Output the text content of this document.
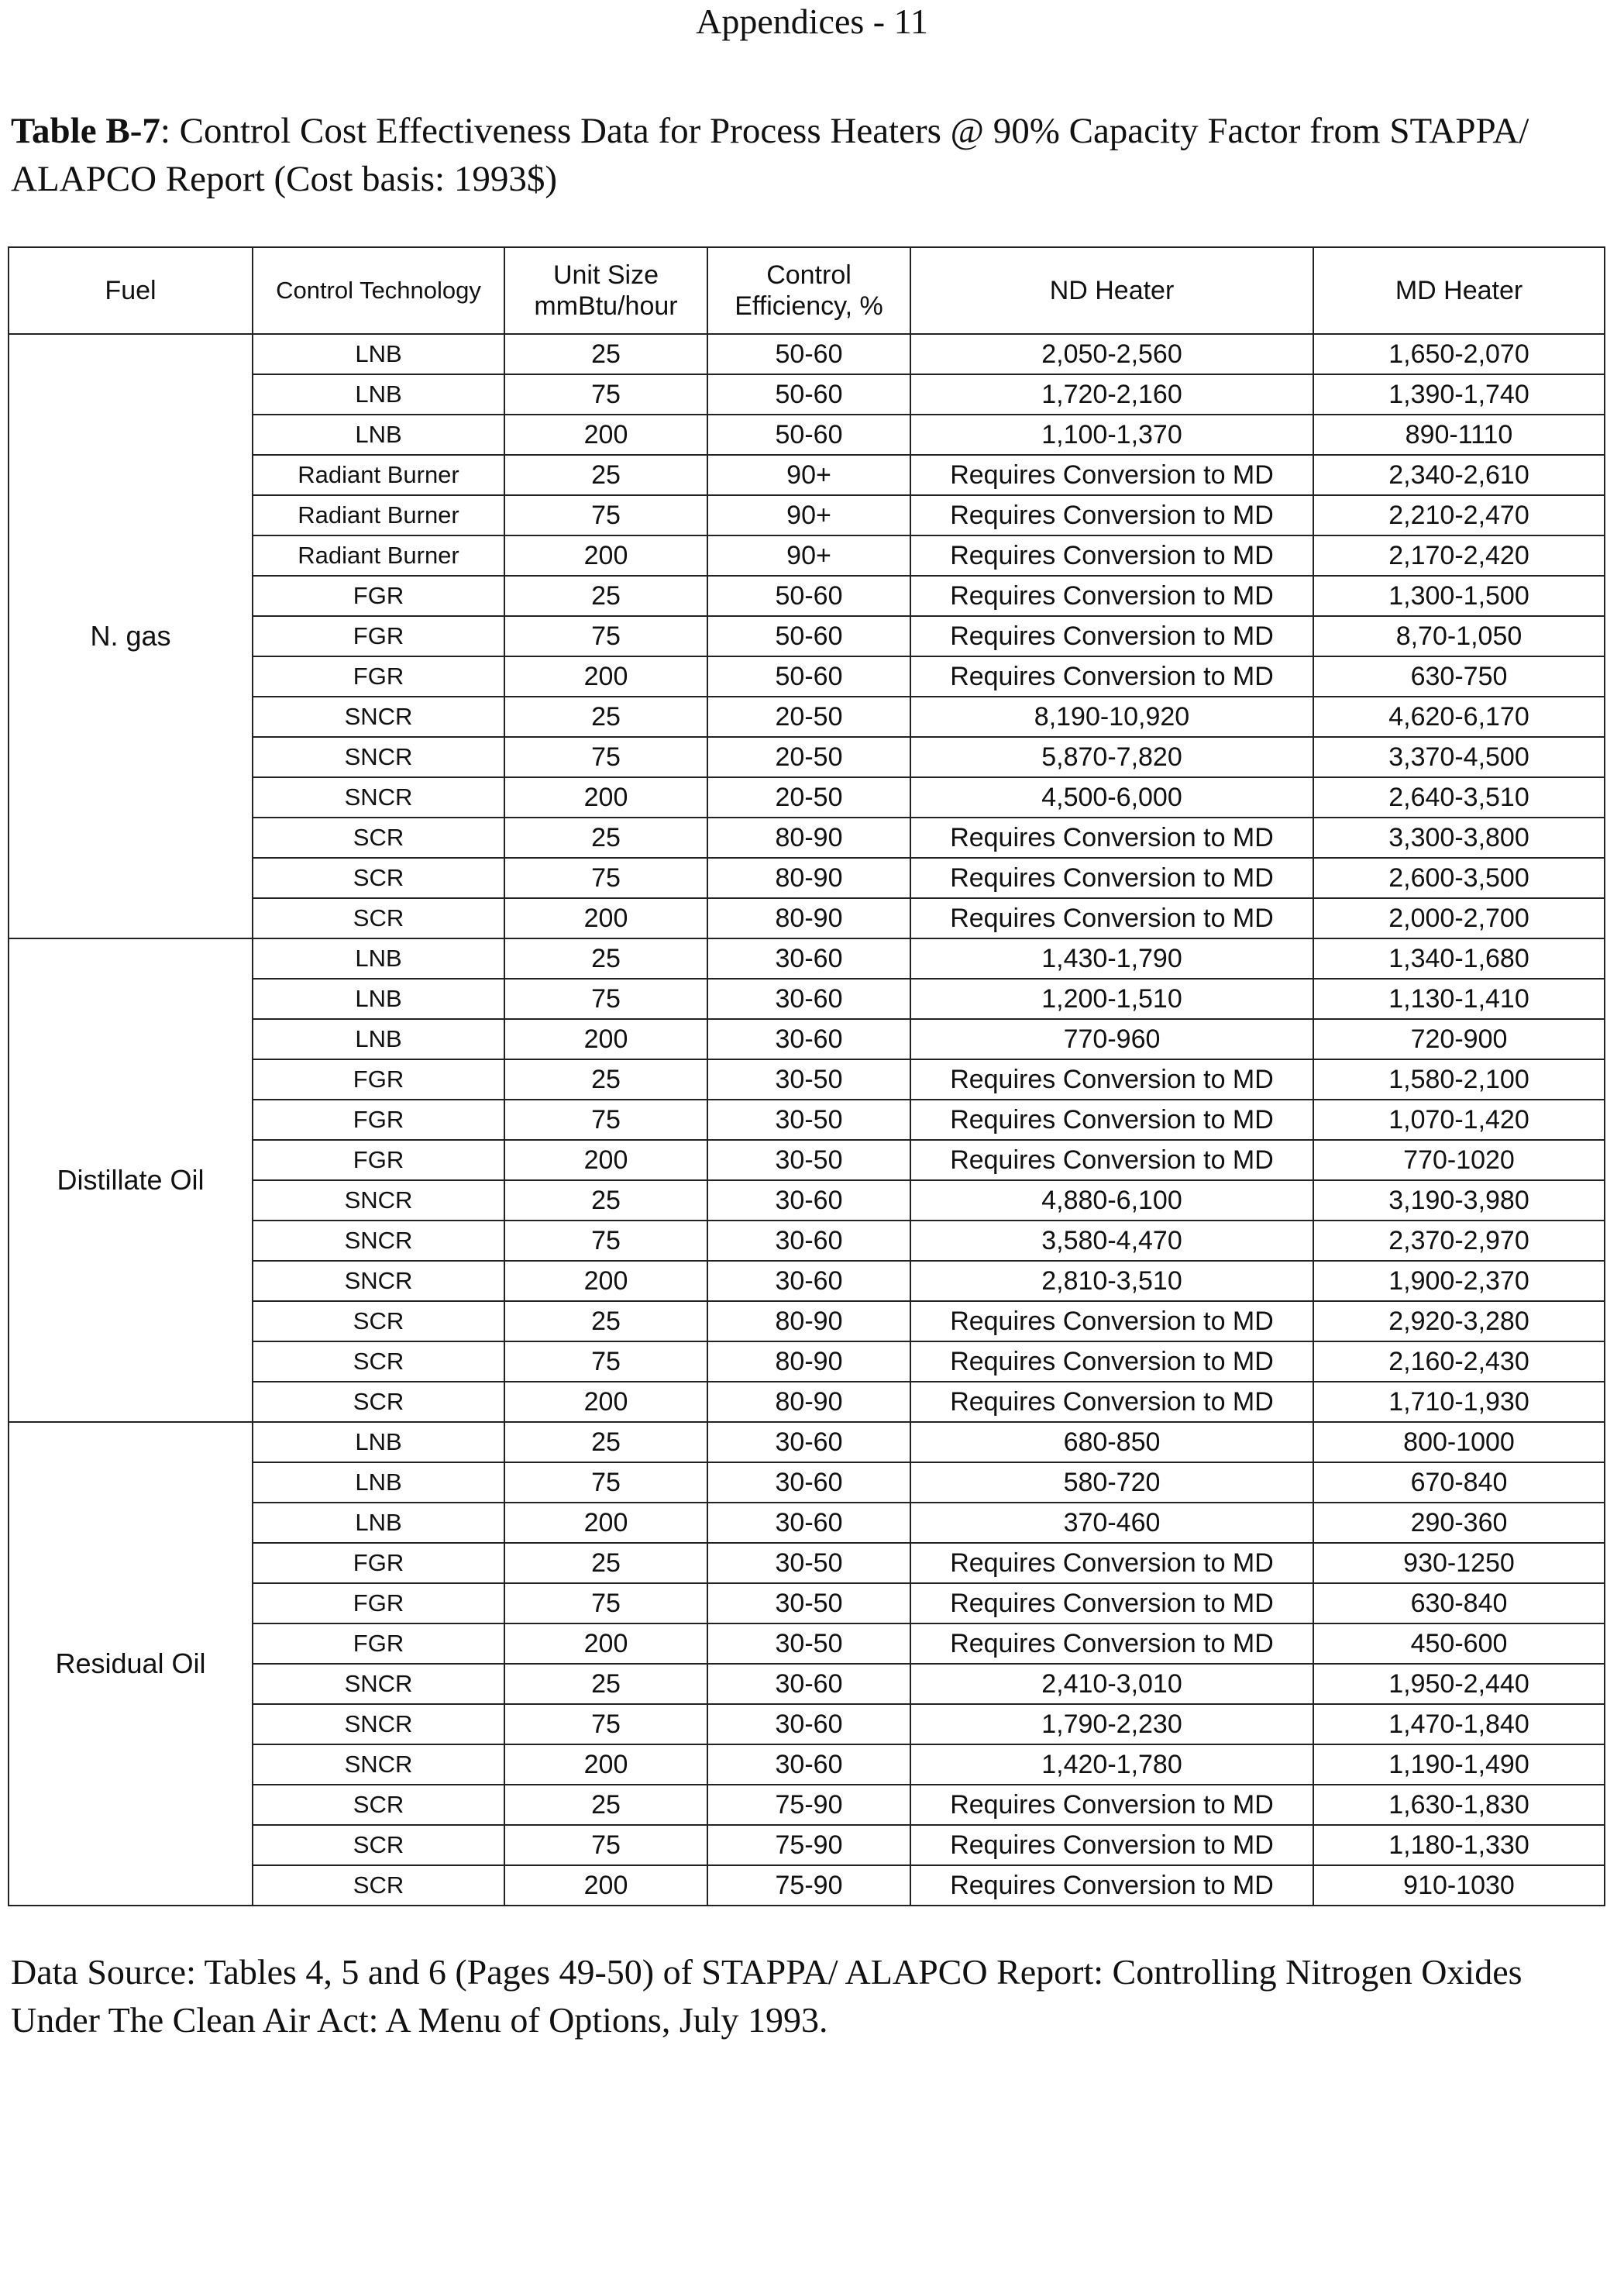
Appendices - 11
Table B-7: Control Cost Effectiveness Data for Process Heaters @ 90% Capacity Factor from STAPPA/ ALAPCO Report (Cost basis: 1993$)
Fuel	Control Technology	Unit Size mmBtu/hour	Control Efficiency, %	ND Heater	MD Heater
N. gas	LNB	25	50-60	2,050-2,560	1,650-2,070
	LNB	75	50-60	1,720-2,160	1,390-1,740
	LNB	200	50-60	1,100-1,370	890-1110
	Radiant Burner	25	90+	Requires Conversion to MD	2,340-2,610
	Radiant Burner	75	90+	Requires Conversion to MD	2,210-2,470
	Radiant Burner	200	90+	Requires Conversion to MD	2,170-2,420
	FGR	25	50-60	Requires Conversion to MD	1,300-1,500
	FGR	75	50-60	Requires Conversion to MD	8,70-1,050
	FGR	200	50-60	Requires Conversion to MD	630-750
	SNCR	25	20-50	8,190-10,920	4,620-6,170
	SNCR	75	20-50	5,870-7,820	3,370-4,500
	SNCR	200	20-50	4,500-6,000	2,640-3,510
	SCR	25	80-90	Requires Conversion to MD	3,300-3,800
	SCR	75	80-90	Requires Conversion to MD	2,600-3,500
	SCR	200	80-90	Requires Conversion to MD	2,000-2,700
Distillate Oil	LNB	25	30-60	1,430-1,790	1,340-1,680
	LNB	75	30-60	1,200-1,510	1,130-1,410
	LNB	200	30-60	770-960	720-900
	FGR	25	30-50	Requires Conversion to MD	1,580-2,100
	FGR	75	30-50	Requires Conversion to MD	1,070-1,420
	FGR	200	30-50	Requires Conversion to MD	770-1020
	SNCR	25	30-60	4,880-6,100	3,190-3,980
	SNCR	75	30-60	3,580-4,470	2,370-2,970
	SNCR	200	30-60	2,810-3,510	1,900-2,370
	SCR	25	80-90	Requires Conversion to MD	2,920-3,280
	SCR	75	80-90	Requires Conversion to MD	2,160-2,430
	SCR	200	80-90	Requires Conversion to MD	1,710-1,930
Residual Oil	LNB	25	30-60	680-850	800-1000
	LNB	75	30-60	580-720	670-840
	LNB	200	30-60	370-460	290-360
	FGR	25	30-50	Requires Conversion to MD	930-1250
	FGR	75	30-50	Requires Conversion to MD	630-840
	FGR	200	30-50	Requires Conversion to MD	450-600
	SNCR	25	30-60	2,410-3,010	1,950-2,440
	SNCR	75	30-60	1,790-2,230	1,470-1,840
	SNCR	200	30-60	1,420-1,780	1,190-1,490
	SCR	25	75-90	Requires Conversion to MD	1,630-1,830
	SCR	75	75-90	Requires Conversion to MD	1,180-1,330
	SCR	200	75-90	Requires Conversion to MD	910-1030
Data Source: Tables 4, 5 and 6 (Pages 49-50) of STAPPA/ ALAPCO Report: Controlling Nitrogen Oxides Under The Clean Air Act: A Menu of Options, July 1993.
